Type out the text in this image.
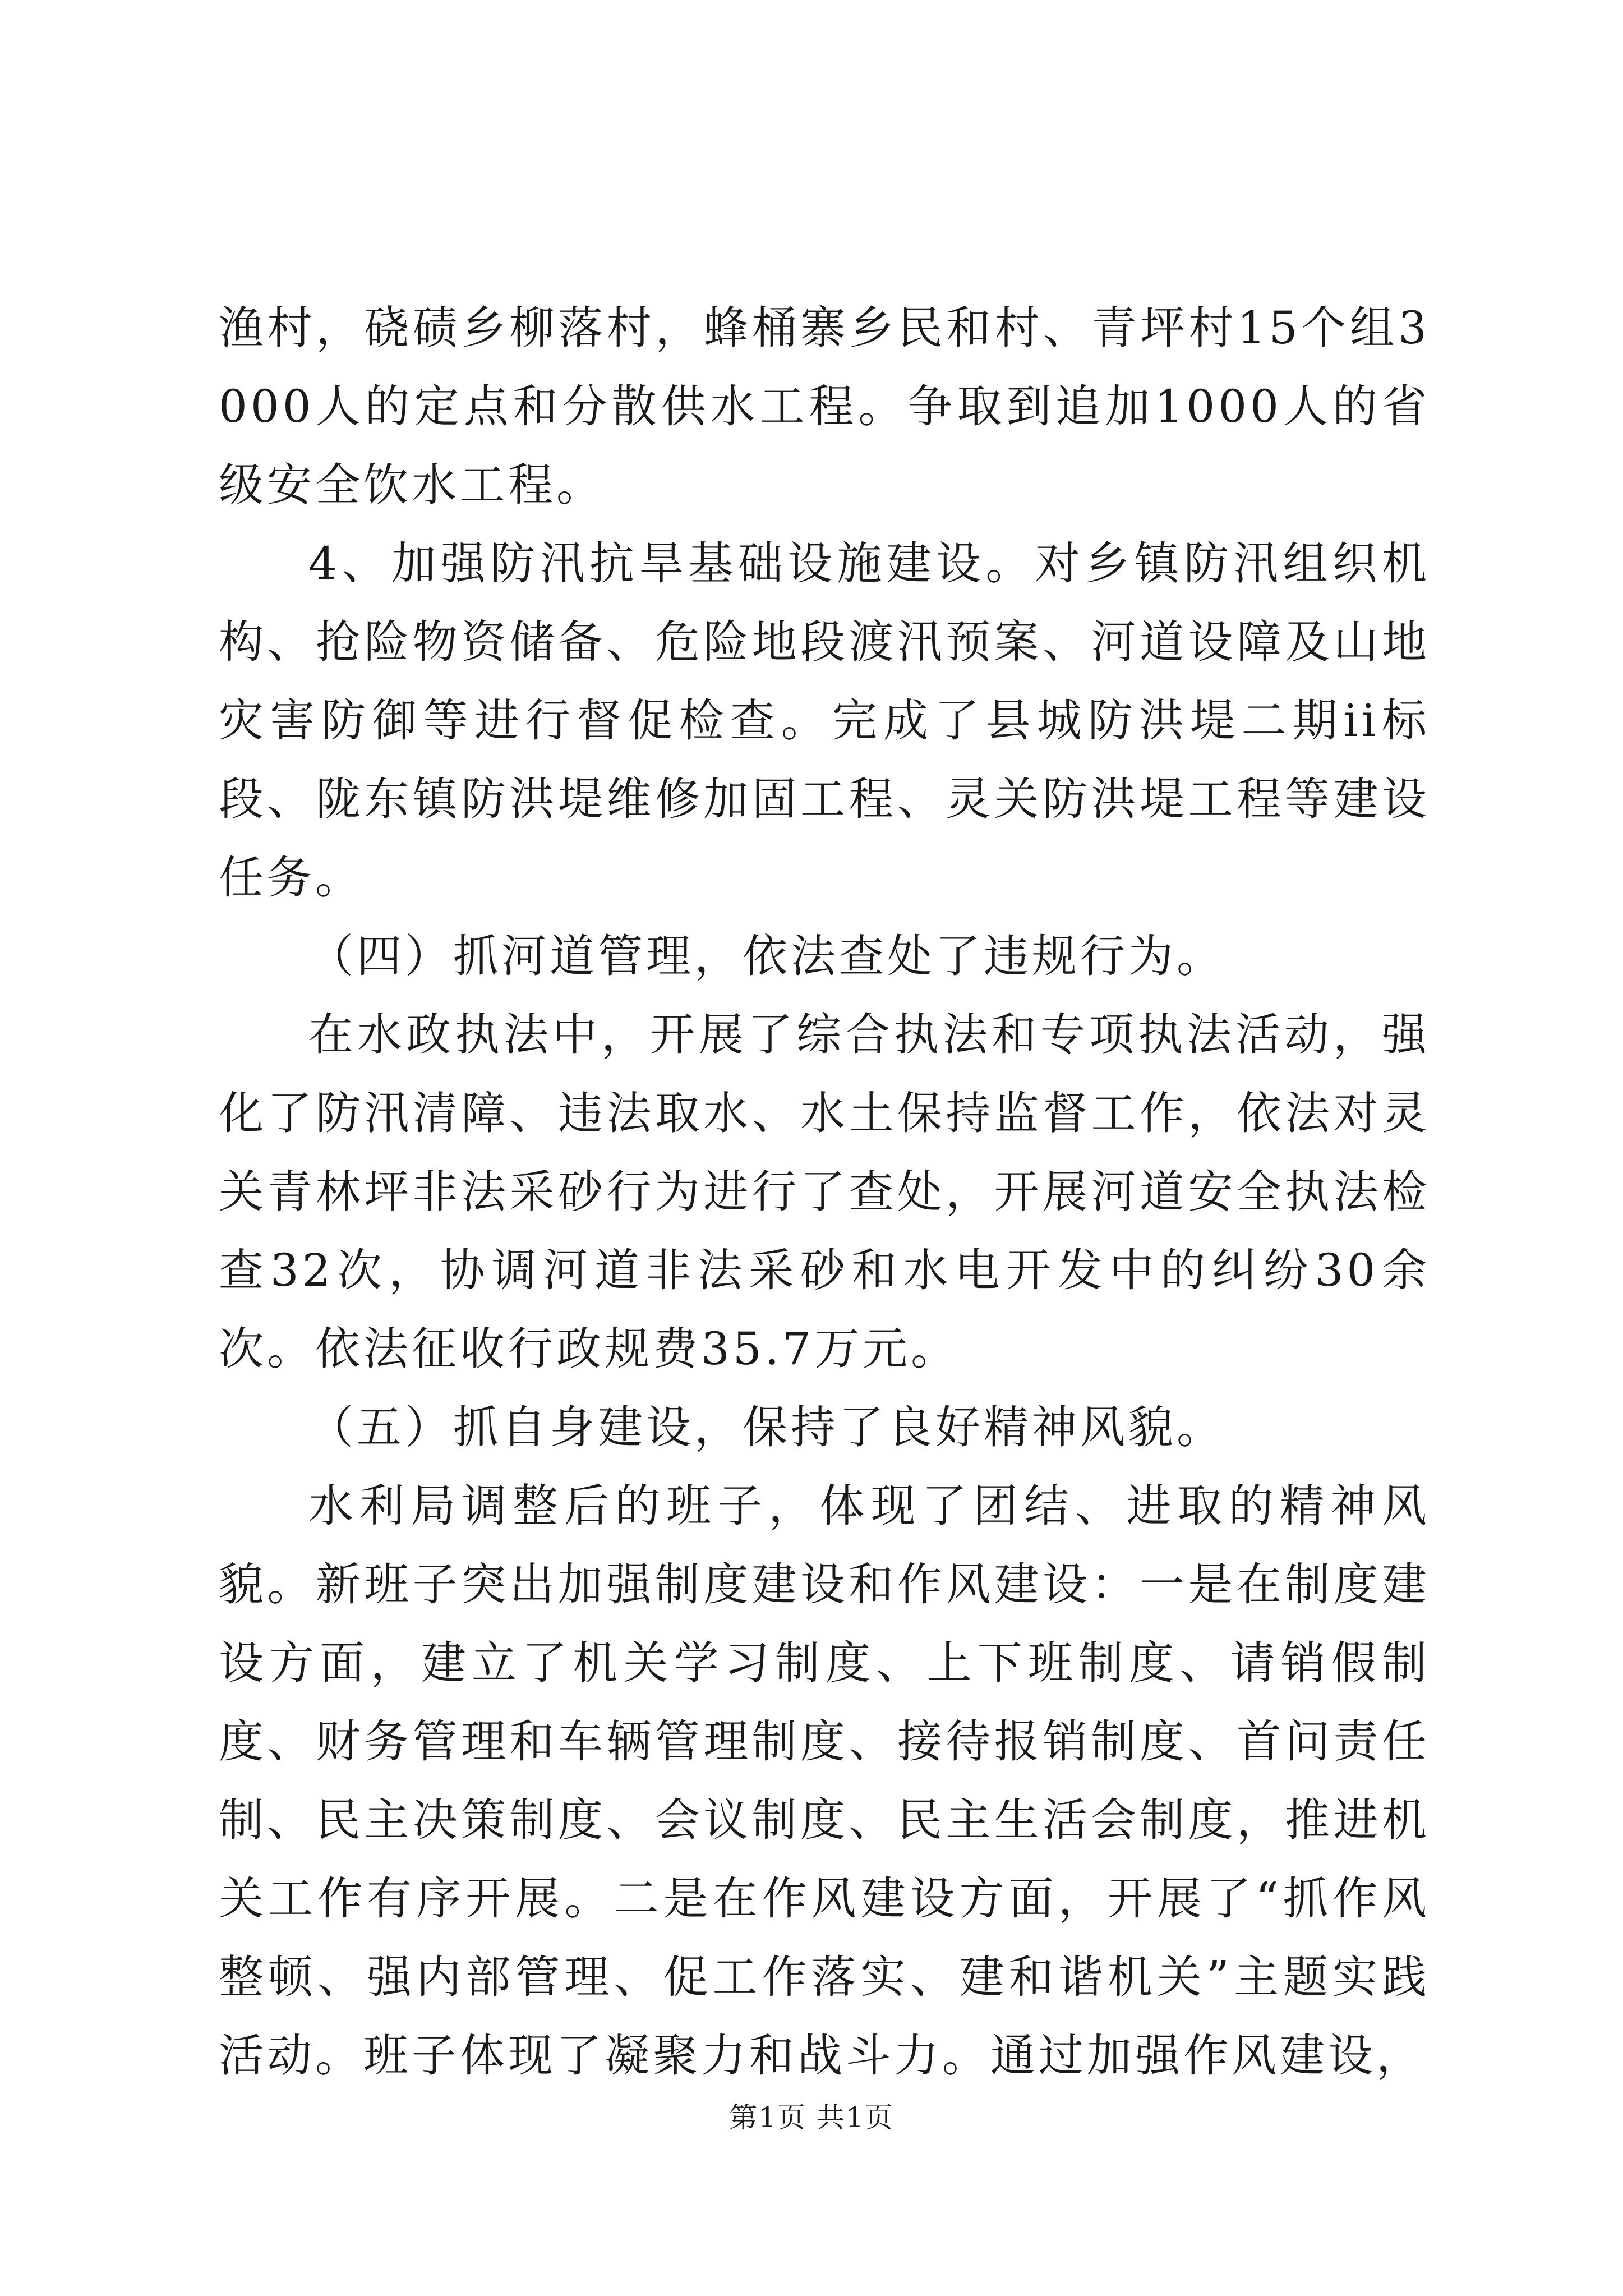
渔村，硗碛乡柳落村，蜂桶寨乡民和村、青坪村15个组3000人的定点和分散供水工程。争取到追加1000人的省级安全饮水工程。

4、加强防汛抗旱基础设施建设。对乡镇防汛组织机构、抢险物资储备、危险地段渡汛预案、河道设障及山地灾害防御等进行督促检查。完成了县城防洪堤二期ii标段、陇东镇防洪堤维修加固工程、灵关防洪堤工程等建设任务。

（四）抓河道管理，依法查处了违规行为。

在水政执法中，开展了综合执法和专项执法活动，强化了防汛清障、违法取水、水土保持监督工作，依法对灵关青林坪非法采砂行为进行了查处，开展河道安全执法检查32次，协调河道非法采砂和水电开发中的纠纷30余次。依法征收行政规费35.7万元。

（五）抓自身建设，保持了良好精神风貌。

水利局调整后的班子，体现了团结、进取的精神风貌。新班子突出加强制度建设和作风建设：一是在制度建设方面，建立了机关学习制度、上下班制度、请销假制度、财务管理和车辆管理制度、接待报销制度、首问责任制、民主决策制度、会议制度、民主生活会制度，推进机关工作有序开展。二是在作风建设方面，开展了“抓作风整顿、强内部管理、促工作落实、建和谐机关”主题实践活动。班子体现了凝聚力和战斗力。通过加强作风建设，

第1页 共1页
